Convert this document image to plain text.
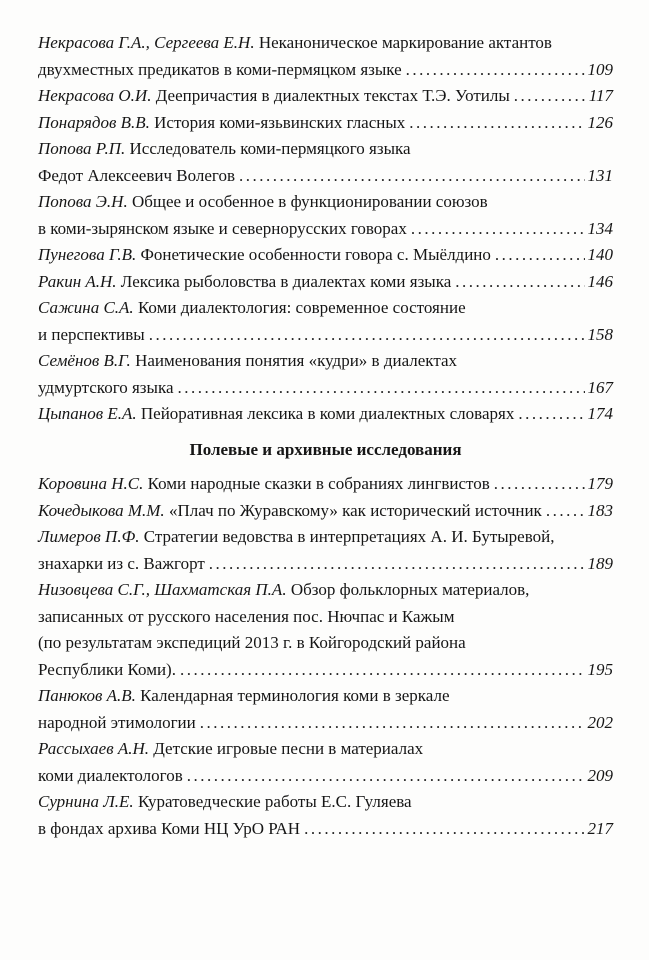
Некрасова Г.А., Сергеева Е.Н. Неканоническое маркирование актантов
двухместных предикатов в коми-пермяцком языке .....	109
Некрасова О.И. Деепричастия в диалектных текстах Т.Э. Уотилы .....	117
Понарядов В.В. История коми-язьвинских гласных .....	126
Попова Р.П. Исследователь коми-пермяцкого языка
Федот Алексеевич Волегов .....	131
Попова Э.Н. Общее и особенное в функционировании союзов
в коми-зырянском языке и севернорусских говорах .....	134
Пунегова Г.В. Фонетические особенности говора с. Мыёлдино .....	140
Ракин А.Н. Лексика рыболовства в диалектах коми языка .....	146
Сажина С.А. Коми диалектология: современное состояние
и перспективы .....	158
Семёнов В.Г. Наименования понятия «кудри» в диалектах
удмуртского языка .....	167
Цыпанов Е.А. Пейоративная лексика в коми диалектных словарях .....	174
Полевые и архивные исследования
Коровина Н.С. Коми народные сказки в собраниях лингвистов .....	179
Кочедыкова М.М. «Плач по Журавскому» как исторический источник .....	183
Лимеров П.Ф. Стратегии ведовства в интерпретациях А. И. Бутыревой,
знахарки из с. Важгорт .....	189
Низовцева С.Г., Шахматская П.А. Обзор фольклорных материалов,
записанных от русского населения пос. Нючпас и Кажым
(по результатам экспедиций 2013 г. в Койгородский района
Республики Коми). .....	195
Панюков А.В. Календарная терминология коми в зеркале
народной этимологии .....	202
Рассыхаев А.Н. Детские игровые песни в материалах
коми диалектологов .....	209
Сурнина Л.Е. Куратоведческие работы Е.С. Гуляева
в фондах архива Коми НЦ УрО РАН .....	217
